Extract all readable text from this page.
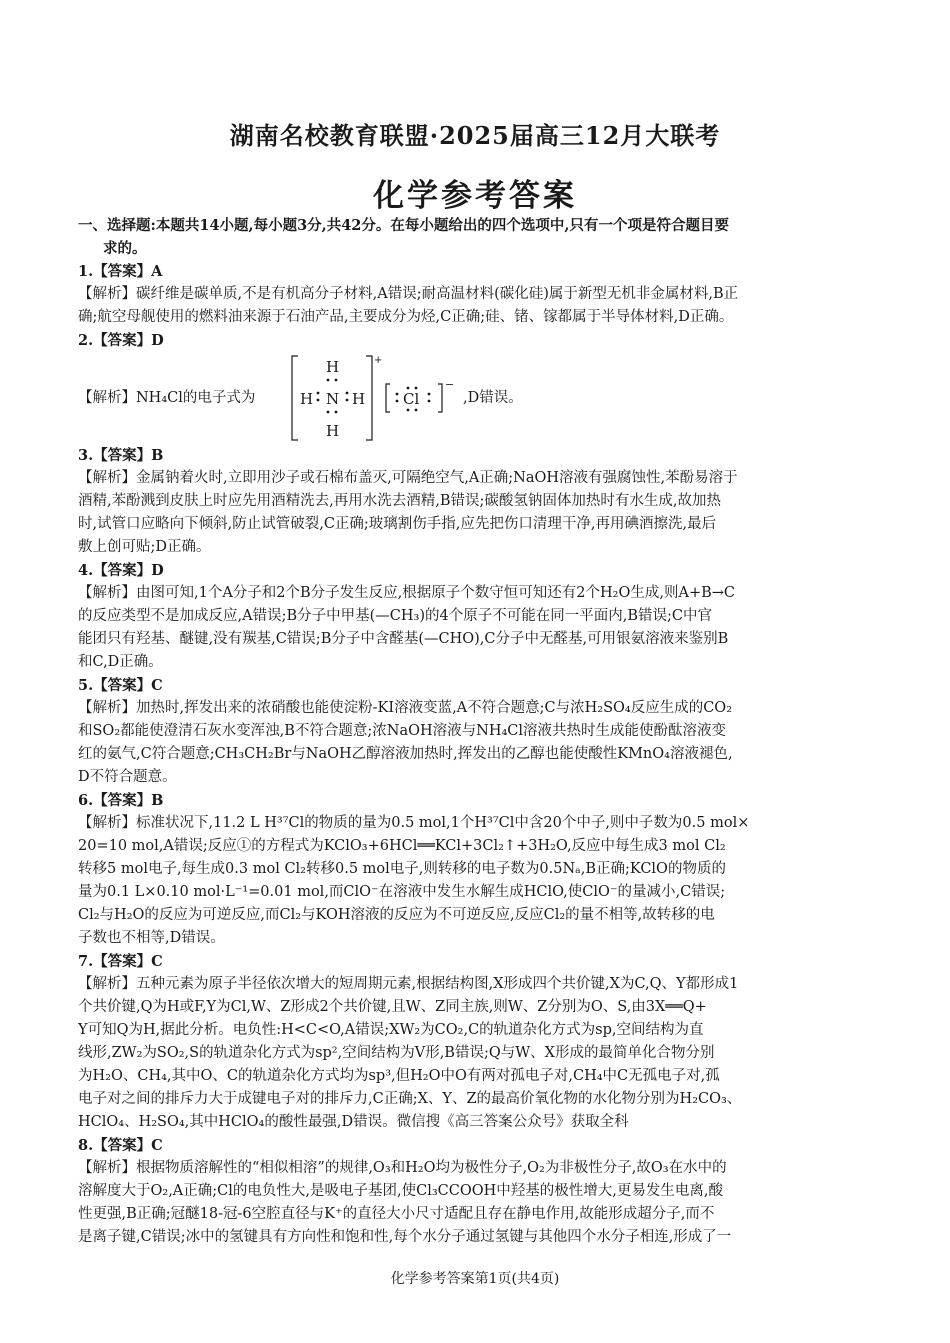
湖南名校教育联盟·2025届高三12月大联考
化学参考答案
一、选择题:本题共14小题,每小题3分,共42分。在每小题给出的四个选项中,只有一个项是符合题目要
求的。
1.【答案】A
【解析】碳纤维是碳单质,不是有机高分子材料,A错误;耐高温材料(碳化硅)属于新型无机非金属材料,B正
确;航空母舰使用的燃料油来源于石油产品,主要成分为烃,C正确;硅、锗、镓都属于半导体材料,D正确。
2.【答案】D
【解析】NH₄Cl的电子式为
+
H
H N H
H
−
Cl	,D错误。
3.【答案】B
【解析】金属钠着火时,立即用沙子或石棉布盖灭,可隔绝空气,A正确;NaOH溶液有强腐蚀性,苯酚易溶于
酒精,苯酚溅到皮肤上时应先用酒精洗去,再用水洗去酒精,B错误;碳酸氢钠固体加热时有水生成,故加热
时,试管口应略向下倾斜,防止试管破裂,C正确;玻璃割伤手指,应先把伤口清理干净,再用碘酒擦洗,最后
敷上创可贴;D正确。
4.【答案】D
【解析】由图可知,1个A分子和2个B分子发生反应,根据原子个数守恒可知还有2个H₂O生成,则A+B→C
的反应类型不是加成反应,A错误;B分子中甲基(—CH₃)的4个原子不可能在同一平面内,B错误;C中官
能团只有羟基、醚键,没有羰基,C错误;B分子中含醛基(—CHO),C分子中无醛基,可用银氨溶液来鉴别B
和C,D正确。
5.【答案】C
【解析】加热时,挥发出来的浓硝酸也能使淀粉-KI溶液变蓝,A不符合题意;C与浓H₂SO₄反应生成的CO₂
和SO₂都能使澄清石灰水变浑浊,B不符合题意;浓NaOH溶液与NH₄Cl溶液共热时生成能使酚酞溶液变
红的氨气,C符合题意;CH₃CH₂Br与NaOH乙醇溶液加热时,挥发出的乙醇也能使酸性KMnO₄溶液褪色,
D不符合题意。
6.【答案】B
【解析】标准状况下,11.2 L H³⁷Cl的物质的量为0.5 mol,1个H³⁷Cl中含20个中子,则中子数为0.5 mol×
20=10 mol,A错误;反应①的方程式为KClO₃+6HCl══KCl+3Cl₂↑+3H₂O,反应中每生成3 mol Cl₂
转移5 mol电子,每生成0.3 mol Cl₂转移0.5 mol电子,则转移的电子数为0.5Nₐ,B正确;KClO的物质的
量为0.1 L×0.10 mol·L⁻¹=0.01 mol,而ClO⁻在溶液中发生水解生成HClO,使ClO⁻的量减小,C错误;
Cl₂与H₂O的反应为可逆反应,而Cl₂与KOH溶液的反应为不可逆反应,反应Cl₂的量不相等,故转移的电
子数也不相等,D错误。
7.【答案】C
【解析】五种元素为原子半径依次增大的短周期元素,根据结构图,X形成四个共价键,X为C,Q、Y都形成1
个共价键,Q为H或F,Y为Cl,W、Z形成2个共价键,且W、Z同主族,则W、Z分别为O、S,由3X══Q+
Y可知Q为H,据此分析。电负性:H<C<O,A错误;XW₂为CO₂,C的轨道杂化方式为sp,空间结构为直
线形,ZW₂为SO₂,S的轨道杂化方式为sp²,空间结构为V形,B错误;Q与W、X形成的最简单化合物分别
为H₂O、CH₄,其中O、C的轨道杂化方式均为sp³,但H₂O中O有两对孤电子对,CH₄中C无孤电子对,孤
电子对之间的排斥力大于成键电子对的排斥力,C正确;X、Y、Z的最高价氧化物的水化物分别为H₂CO₃、
HClO₄、H₂SO₄,其中HClO₄的酸性最强,D错误。微信搜《高三答案公众号》获取全科
8.【答案】C
【解析】根据物质溶解性的“相似相溶”的规律,O₃和H₂O均为极性分子,O₂为非极性分子,故O₃在水中的
溶解度大于O₂,A正确;Cl的电负性大,是吸电子基团,使Cl₃CCOOH中羟基的极性增大,更易发生电离,酸
性更强,B正确;冠醚18-冠-6空腔直径与K⁺的直径大小尺寸适配且存在静电作用,故能形成超分子,而不
是离子键,C错误;冰中的氢键具有方向性和饱和性,每个水分子通过氢键与其他四个水分子相连,形成了一
化学参考答案第1页(共4页)
